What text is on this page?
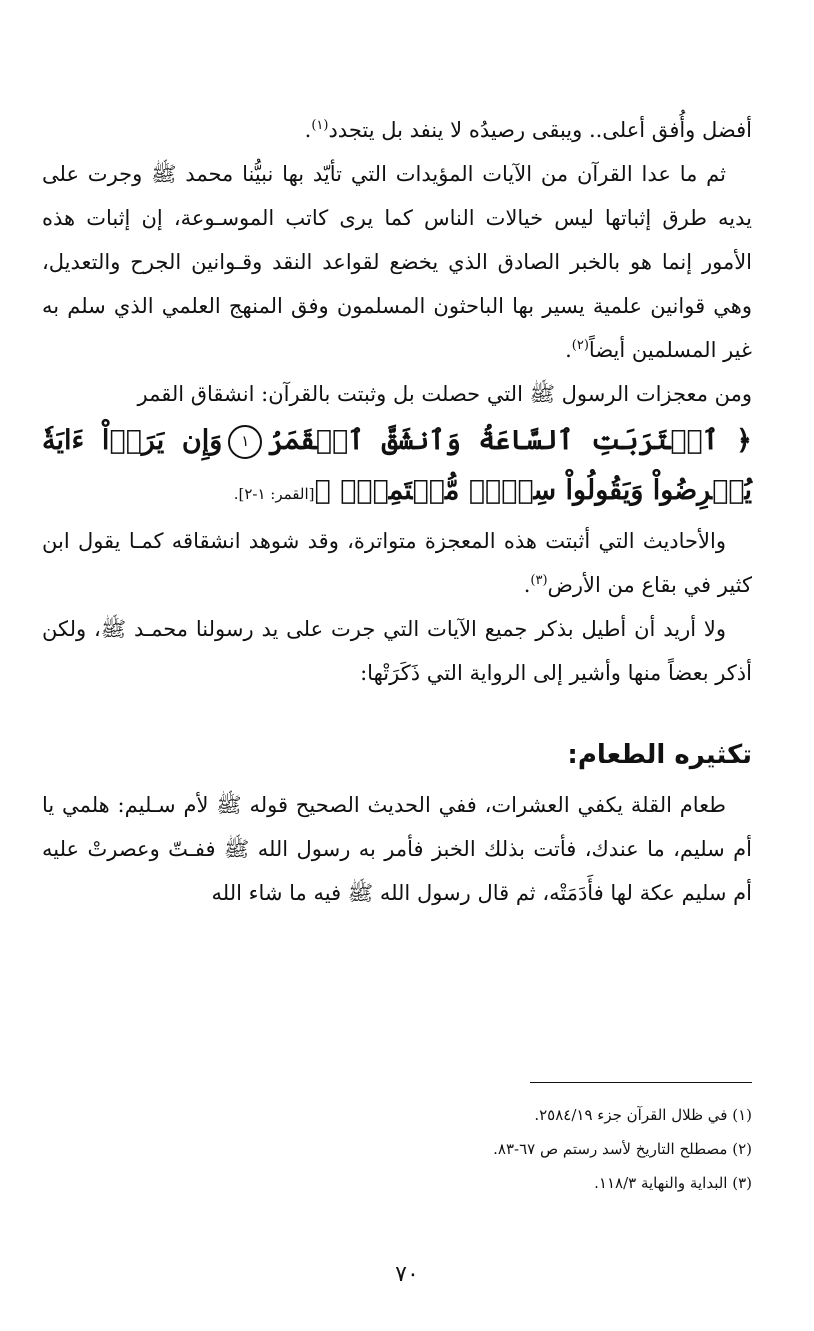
أفضل وأُفق أعلى.. ويبقى رصيدُه لا ينفد بل يتجدد$^{(١)}$.

ثم ما عدا القرآن من الآيات المؤيدات التي تأيّد بها نبيُّنا محمد ﷺ وجرت على يديه طرق إثباتها ليس خيالات الناس كما يرى كاتب الموسـوعة، إن إثبات هذه الأمور إنما هو بالخبر الصادق الذي يخضع لقواعد النقد وقـوانين الجرح والتعديل، وهي قوانين علمية يسير بها الباحثون المسلمون وفق المنهج العلمي الذي سلم به غير المسلمين أيضاً$^{(٢)}$.

ومن معجزات الرسول ﷺ التي حصلت بل وثبتت بالقرآن: انشقاق القمر

﴿ ٱقۡتَرَبَتِ ٱلسَّاعَةُ وَٱنشَقَّ ٱلۡقَمَرُ١وَإِن يَرَوۡاْ ءَايَةٗ يُعۡرِضُواْ وَيَقُولُواْ سِحۡرٞ مُّسۡتَمِرّٞ ﴾[القمر: ١-٢].

والأحاديث التي أثبتت هذه المعجزة متواترة، وقد شوهد انشقاقه كمـا يقول ابن كثير في بقاع من الأرض$^{(٣)}$.

ولا أريد أن أطيل بذكر جميع الآيات التي جرت على يد رسولنا محمـد ﷺ، ولكن أذكر بعضاً منها وأشير إلى الرواية التي ذَكَرَتْها:

تكثيره الطعام:

طعام القلة يكفي العشرات، ففي الحديث الصحيح قوله ﷺ لأم سـليم: هلمي يا أم سليم، ما عندك، فأتت بذلك الخبز فأمر به رسول الله ﷺ ففـتّ وعصرتْ عليه أم سليم عكة لها فأَدَمَتْه، ثم قال رسول الله ﷺ فيه ما شاء الله

(١) في ظلال القرآن جزء ٢٥٨٤/١٩.
(٢) مصطلح التاريخ لأسد رستم ص ٦٧-٨٣.
(٣) البداية والنهاية ١١٨/٣.
٧٠
